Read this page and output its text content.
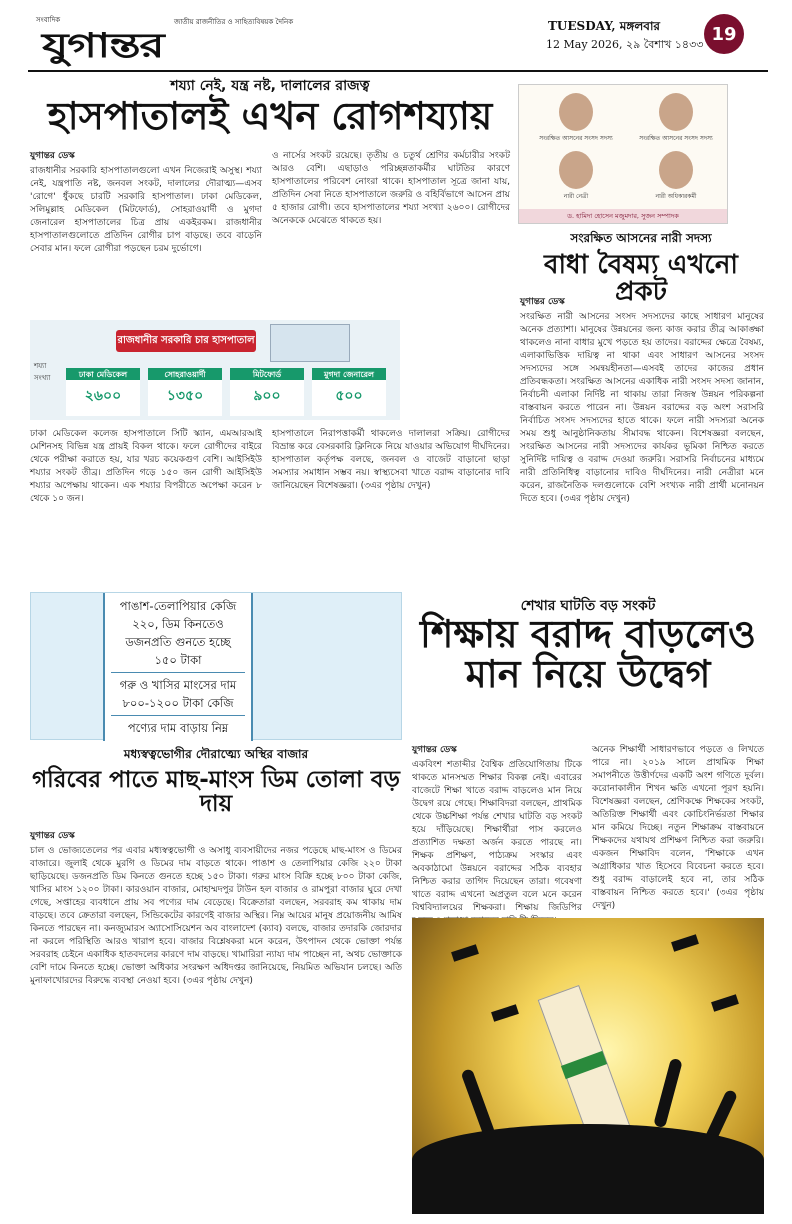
সংবাদিক
যুগান্তর
জাতীয় রাজনীতির ও সাহিত্যবিষয়ক দৈনিক	TUESDAY, মঙ্গলবার
12 May 2026, ২৯ বৈশাখ ১৪৩৩ 19
শয্যা নেই, যন্ত্র নষ্ট, দালালের রাজত্ব
হাসপাতালই এখন রোগশয্যায়
যুগান্তর ডেস্ক

রাজধানীর সরকারি হাসপাতালগুলো এখন নিজেরাই অসুস্থ। শয্যা নেই, যন্ত্রপাতি নষ্ট, জনবল সংকট, দালালের দৌরাত্ম্য—এসব 'রোগে' ধুঁকছে চারটি সরকারি হাসপাতাল। ঢাকা মেডিকেল, সলিমুল্লাহ মেডিকেল (মিটফোর্ড), সোহরাওয়ার্দী ও মুগদা জেনারেল হাসপাতালের চিত্র প্রায় একইরকম। রাজধানীর হাসপাতালগুলোতে প্রতিদিন রোগীর চাপ বাড়ছে। তবে বাড়েনি সেবার মান। ফলে রোগীরা পড়ছেন চরম দুর্ভোগে।

ও নার্সের সংকট রয়েছে। তৃতীয় ও চতুর্থ শ্রেণির কর্মচারীর সংকট আরও বেশি। এছাড়াও পরিচ্ছন্নতাকর্মীর ঘাটতির কারণে হাসপাতালের পরিবেশ নোংরা থাকে। হাসপাতাল সূত্রে জানা যায়, প্রতিদিন সেবা নিতে হাসপাতালে জরুরি ও বহির্বিভাগে আসেন প্রায় ৫ হাজার রোগী। তবে হাসপাতালের শয্যা সংখ্যা ২৬০০। রোগীদের অনেককে মেঝেতে থাকতে হয়।

শয্যা সংখ্যা
রাজধানীর সরকারি চার হাসপাতাল
ঢাকা মেডিকেল
২৬০০
সোহরাওয়ার্দী
১৩৫০
মিটফোর্ড
৯০০
মুগদা জেনারেল
৫০০

ঢাকা মেডিকেল কলেজ হাসপাতালে সিটি স্ক্যান, এমআরআই মেশিনসহ বিভিন্ন যন্ত্র প্রায়ই বিকল থাকে। ফলে রোগীদের বাইরে থেকে পরীক্ষা করাতে হয়, যার খরচ কয়েকগুণ বেশি। আইসিইউ শয্যার সংকট তীব্র। প্রতিদিন গড়ে ১৫০ জন রোগী আইসিইউ শয্যার অপেক্ষায় থাকেন। এক শয্যার বিপরীতে অপেক্ষা করেন ৮ থেকে ১০ জন।

হাসপাতালে নিরাপত্তাকর্মী থাকলেও দালালরা সক্রিয়। রোগীদের বিভ্রান্ত করে বেসরকারি ক্লিনিকে নিয়ে যাওয়ার অভিযোগ দীর্ঘদিনের। হাসপাতাল কর্তৃপক্ষ বলছে, জনবল ও বাজেট বাড়ানো ছাড়া সমস্যার সমাধান সম্ভব নয়। স্বাস্থ্যসেবা খাতে বরাদ্দ বাড়ানোর দাবি জানিয়েছেন বিশেষজ্ঞরা। (৩এর পৃষ্ঠায় দেখুন)

সংরক্ষিত আসনের সংসদ সদস্য	সংরক্ষিত আসনের সংসদ সদস্য
নারী নেত্রী	নারী অধিকারকর্মী
ড. হামিদা হোসেন মজুমদার, সুজন সম্পাদক
সংরক্ষিত আসনের নারী সদস্য
বাধা বৈষম্য এখনো প্রকট
যুগান্তর ডেস্ক

সংরক্ষিত নারী আসনের সংসদ সদস্যদের কাছে সাধারণ মানুষের অনেক প্রত্যাশা। মানুষের উন্নয়নের জন্য কাজ করার তীব্র আকাঙ্ক্ষা থাকলেও নানা বাধার মুখে পড়তে হয় তাদের। বরাদ্দের ক্ষেত্রে বৈষম্য, এলাকাভিত্তিক দায়িত্ব না থাকা এবং সাধারণ আসনের সংসদ সদস্যদের সঙ্গে সমন্বয়হীনতা—এসবই তাদের কাজের প্রধান প্রতিবন্ধকতা। সংরক্ষিত আসনের একাধিক নারী সংসদ সদস্য জানান, নির্বাচনী এলাকা নির্দিষ্ট না থাকায় তারা নিজস্ব উন্নয়ন পরিকল্পনা বাস্তবায়ন করতে পারেন না। উন্নয়ন বরাদ্দের বড় অংশ সরাসরি নির্বাচিত সংসদ সদস্যদের হাতে থাকে। ফলে নারী সদস্যরা অনেক সময় শুধু আনুষ্ঠানিকতায় সীমাবদ্ধ থাকেন। বিশেষজ্ঞরা বলছেন, সংরক্ষিত আসনের নারী সদস্যদের কার্যকর ভূমিকা নিশ্চিত করতে সুনির্দিষ্ট দায়িত্ব ও বরাদ্দ দেওয়া জরুরি। সরাসরি নির্বাচনের মাধ্যমে নারী প্রতিনিধিত্ব বাড়ানোর দাবিও দীর্ঘদিনের। নারী নেত্রীরা মনে করেন, রাজনৈতিক দলগুলোকে বেশি সংখ্যক নারী প্রার্থী মনোনয়ন দিতে হবে। (৩এর পৃষ্ঠায় দেখুন)

শেখার ঘাটতি বড় সংকট
শিক্ষায় বরাদ্দ বাড়লেও মান নিয়ে উদ্বেগ
যুগান্তর ডেস্ক

একবিংশ শতাব্দীর বৈশ্বিক প্রতিযোগিতায় টিকে থাকতে মানসম্মত শিক্ষার বিকল্প নেই। এবারের বাজেটে শিক্ষা খাতে বরাদ্দ বাড়লেও মান নিয়ে উদ্বেগ রয়ে গেছে। শিক্ষাবিদরা বলছেন, প্রাথমিক থেকে উচ্চশিক্ষা পর্যন্ত শেখার ঘাটতি বড় সংকট হয়ে দাঁড়িয়েছে। শিক্ষার্থীরা পাস করলেও প্রত্যাশিত দক্ষতা অর্জন করতে পারছে না। শিক্ষক প্রশিক্ষণ, পাঠ্যক্রম সংস্কার এবং অবকাঠামো উন্নয়নে বরাদ্দের সঠিক ব্যবহার নিশ্চিত করার তাগিদ দিয়েছেন তারা। গবেষণা খাতে বরাদ্দ এখনো অপ্রতুল বলে মনে করেন বিশ্ববিদ্যালয়ের শিক্ষকরা। শিক্ষায় জিডিপির

অনেক শিক্ষার্থী সাধারণভাবে পড়তে ও লিখতে পারে না। ২০১৯ সালে প্রাথমিক শিক্ষা সমাপনীতে উত্তীর্ণদের একটি অংশ গণিতে দুর্বল। করোনাকালীন শিখন ক্ষতি এখনো পূরণ হয়নি। বিশেষজ্ঞরা বলছেন, শ্রেণিকক্ষে শিক্ষকের সংকট, অতিরিক্ত শিক্ষার্থী এবং কোচিংনির্ভরতা শিক্ষার মান কমিয়ে দিচ্ছে। নতুন শিক্ষাক্রম বাস্তবায়নে শিক্ষকদের যথাযথ প্রশিক্ষণ নিশ্চিত করা জরুরি। একজন শিক্ষাবিদ বলেন, 'শিক্ষাকে এখন অগ্রাধিকার খাত হিসেবে বিবেচনা করতে হবে। শুধু বরাদ্দ বাড়ালেই হবে না, তার সঠিক বাস্তবায়ন নিশ্চিত করতে হবে।' (৩এর পৃষ্ঠায় দেখুন)

পাঙাশ-তেলাপিয়ার কেজি
২২০, ডিম কিনতেও
ডজনপ্রতি গুনতে হচ্ছে
১৫০ টাকা
গরু ও খাসির মাংসের দাম
৮০০-১২০০ টাকা কেজি
পণ্যের দাম বাড়ায় নিম্ন
মধ্যস্বত্বভোগীর দৌরাত্ম্যে অস্থির বাজার
গরিবের পাতে মাছ-মাংস ডিম তোলা বড় দায়
যুগান্তর ডেস্ক

চাল ও ভোজ্যতেলের পর এবার মধ্যস্বত্বভোগী ও অসাধু ব্যবসায়ীদের নজর পড়েছে মাছ-মাংস ও ডিমের বাজারে। জুলাই থেকে মুরগি ও ডিমের দাম বাড়তে থাকে। পাঙাশ ও তেলাপিয়ার কেজি ২২০ টাকা ছাড়িয়েছে। ডজনপ্রতি ডিম কিনতে গুনতে হচ্ছে ১৫০ টাকা। গরুর মাংস বিক্রি হচ্ছে ৮০০ টাকা কেজি, খাসির মাংস ১২০০ টাকা। কারওয়ান বাজার, মোহাম্মদপুর টাউন হল বাজার ও রামপুরা বাজার ঘুরে দেখা গেছে, সপ্তাহের ব্যবধানে প্রায় সব পণ্যের দাম বেড়েছে। বিক্রেতারা বলছেন, সরবরাহ কম থাকায় দাম বাড়ছে। তবে ক্রেতারা বলছেন, সিন্ডিকেটের কারণেই বাজার অস্থির। নিম্ন আয়ের মানুষ প্রয়োজনীয় আমিষ কিনতে পারছেন না। কনজ্যুমারস অ্যাসোসিয়েশন অব বাংলাদেশ (ক্যাব) বলছে, বাজার তদারকি জোরদার না করলে পরিস্থিতি আরও খারাপ হবে। বাজার বিশ্লেষকরা মনে করেন, উৎপাদন থেকে ভোক্তা পর্যন্ত সরবরাহ চেইনে একাধিক হাতবদলের কারণে দাম বাড়ছে। খামারিরা ন্যায্য দাম পাচ্ছেন না, অথচ ভোক্তাকে বেশি দামে কিনতে হচ্ছে। ভোক্তা অধিকার সংরক্ষণ অধিদপ্তর জানিয়েছে, নিয়মিত অভিযান চলছে। অতি মুনাফাখোরদের বিরুদ্ধে ব্যবস্থা নেওয়া হবে। (৩এর পৃষ্ঠায় দেখুন)
